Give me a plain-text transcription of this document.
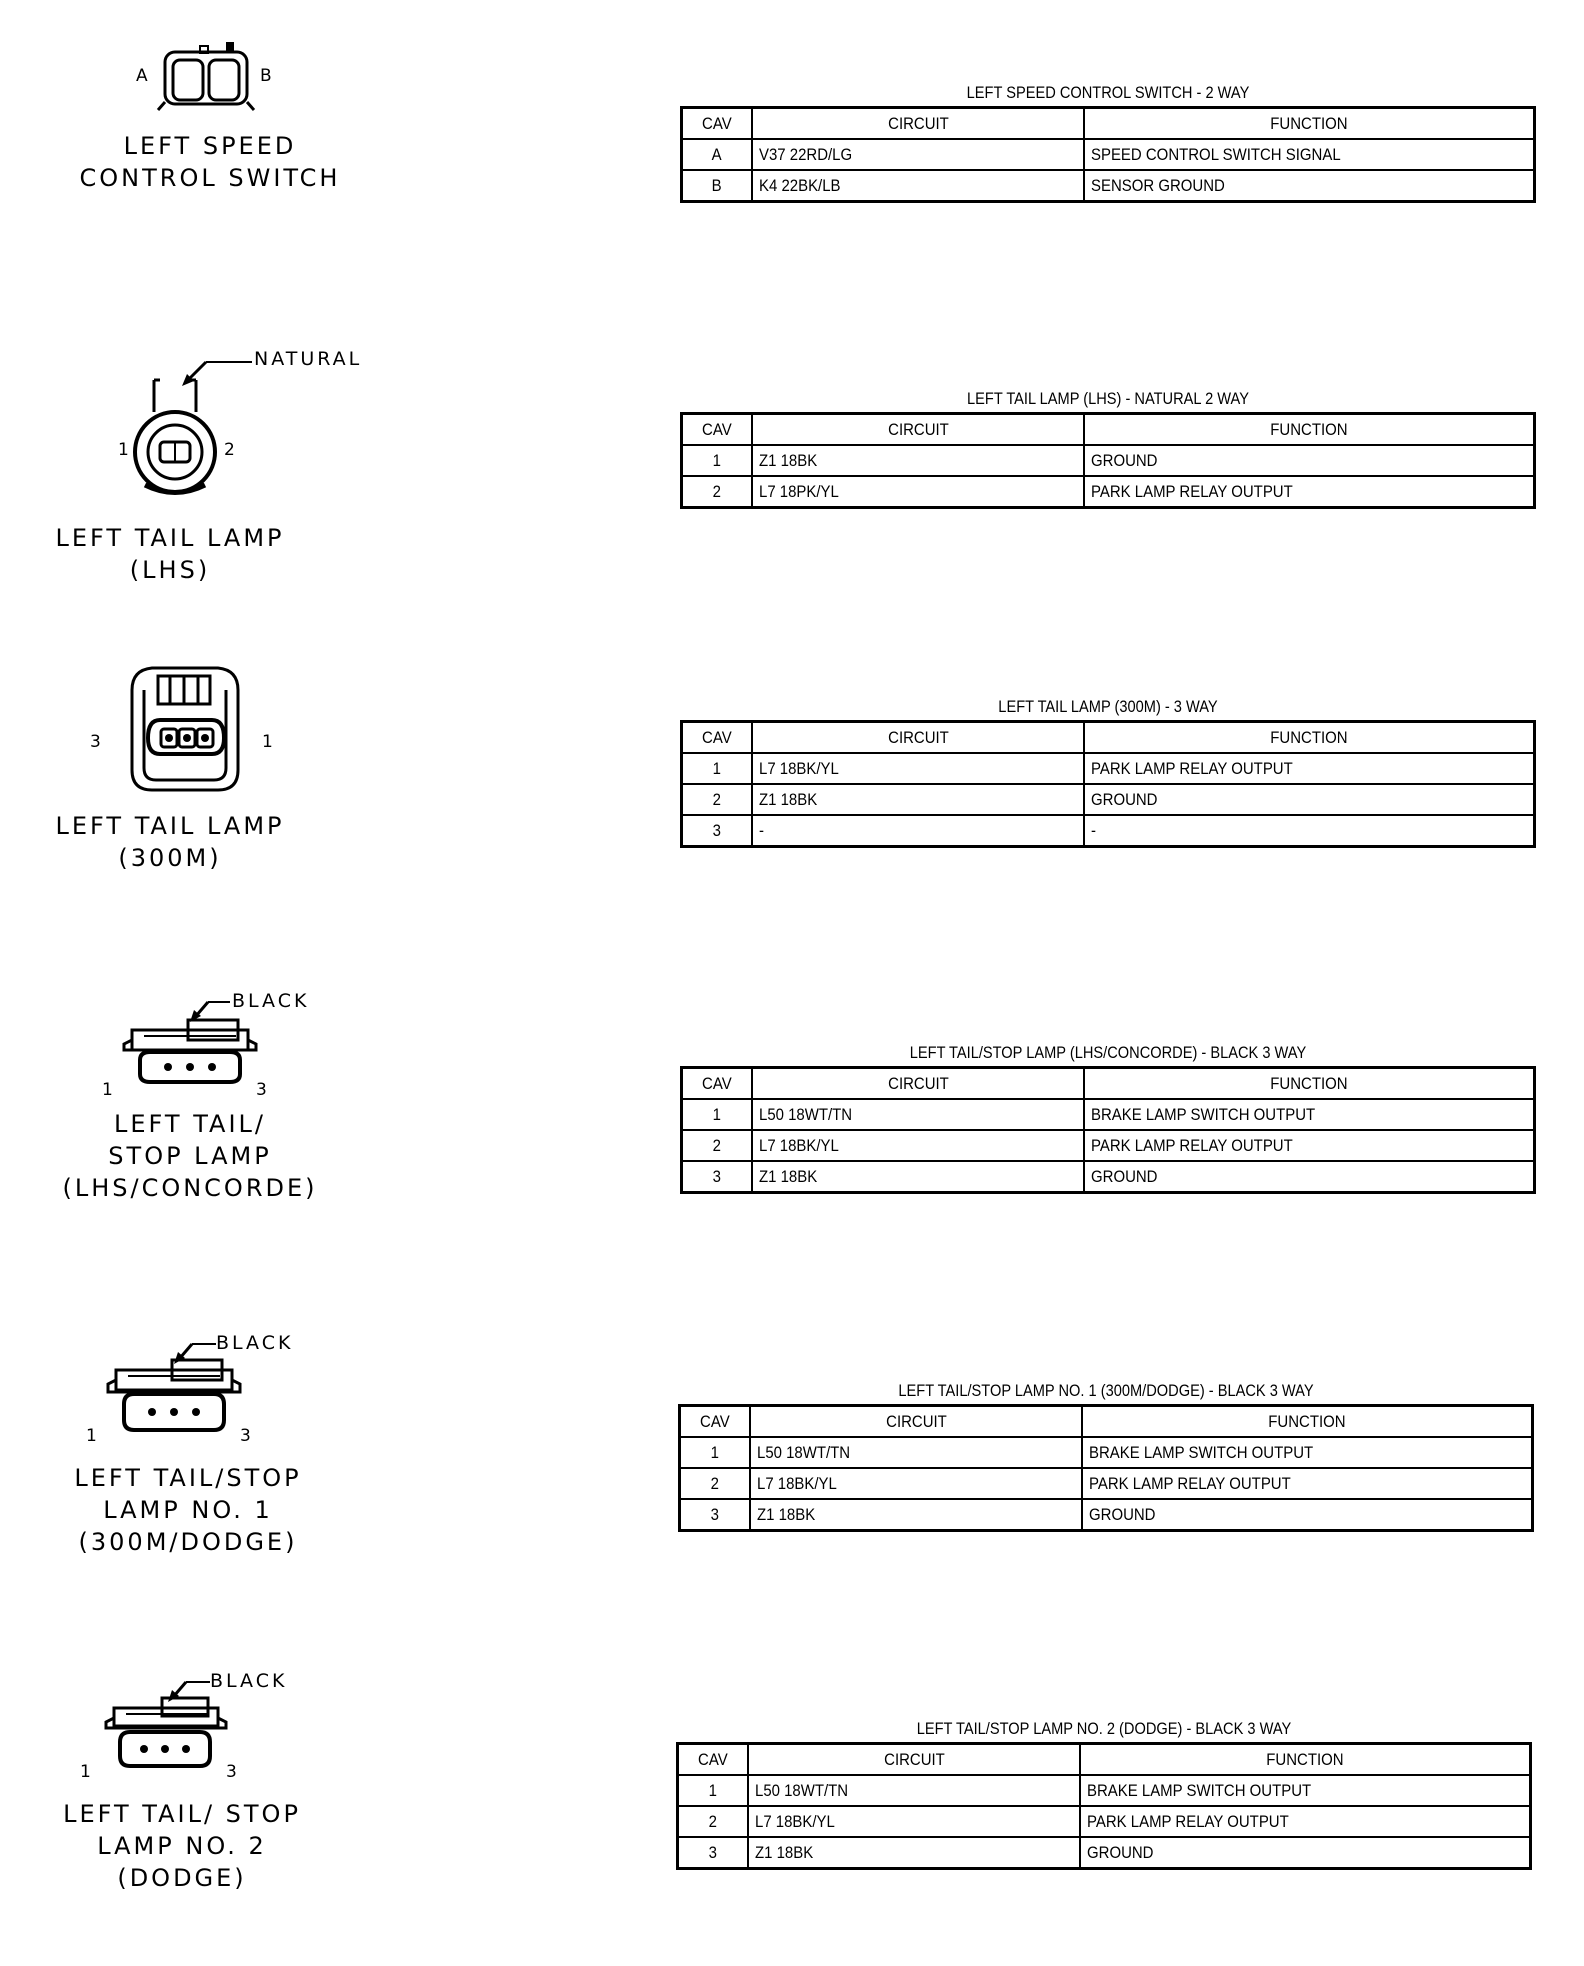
A	B
LEFT SPEED
CONTROL SWITCH
LEFT SPEED CONTROL SWITCH - 2 WAY
CAV	CIRCUIT	FUNCTION
A	V37 22RD/LG	SPEED CONTROL SWITCH SIGNAL
B	K4 22BK/LB	SENSOR GROUND
NATURAL
1	2
LEFT TAIL LAMP
(LHS)
LEFT TAIL LAMP (LHS) - NATURAL 2 WAY
CAV	CIRCUIT	FUNCTION
1	Z1 18BK	GROUND
2	L7 18PK/YL	PARK LAMP RELAY OUTPUT
3	1
LEFT TAIL LAMP
(300M)
LEFT TAIL LAMP (300M) - 3 WAY
CAV	CIRCUIT	FUNCTION
1	L7 18BK/YL	PARK LAMP RELAY OUTPUT
2	Z1 18BK	GROUND
3	-	-
BLACK
1	3
LEFT TAIL/
STOP LAMP
(LHS/CONCORDE)
LEFT TAIL/STOP LAMP (LHS/CONCORDE) - BLACK 3 WAY
CAV	CIRCUIT	FUNCTION
1	L50 18WT/TN	BRAKE LAMP SWITCH OUTPUT
2	L7 18BK/YL	PARK LAMP RELAY OUTPUT
3	Z1 18BK	GROUND
BLACK
1	3
LEFT TAIL/STOP
LAMP NO. 1
(300M/DODGE)
LEFT TAIL/STOP LAMP NO. 1 (300M/DODGE) - BLACK 3 WAY
CAV	CIRCUIT	FUNCTION
1	L50 18WT/TN	BRAKE LAMP SWITCH OUTPUT
2	L7 18BK/YL	PARK LAMP RELAY OUTPUT
3	Z1 18BK	GROUND
BLACK
1	3
LEFT TAIL/ STOP
LAMP NO. 2
(DODGE)
LEFT TAIL/STOP LAMP NO. 2 (DODGE) - BLACK 3 WAY
CAV	CIRCUIT	FUNCTION
1	L50 18WT/TN	BRAKE LAMP SWITCH OUTPUT
2	L7 18BK/YL	PARK LAMP RELAY OUTPUT
3	Z1 18BK	GROUND
